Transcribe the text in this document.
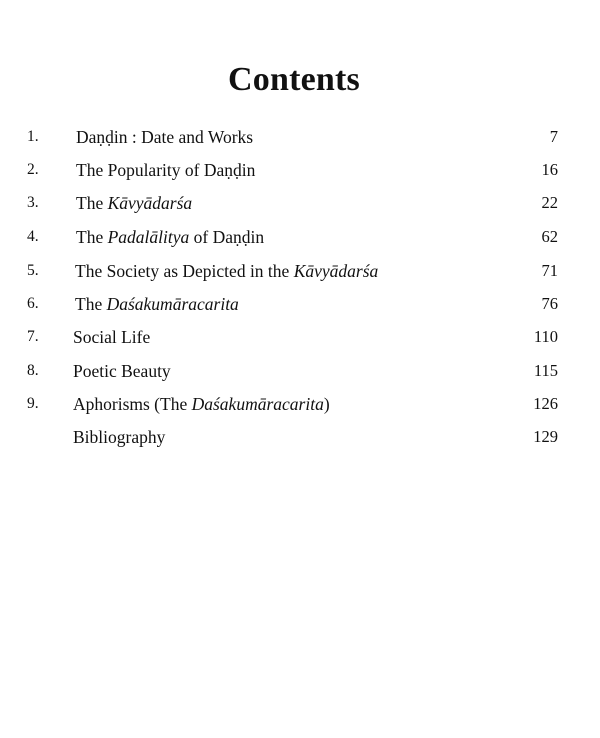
Contents
1. Daṇḍin : Date and Works	7
2. The Popularity of Daṇḍin	16
3. The Kāvyādarśa	22
4. The Padalālitya of Daṇḍin	62
5. The Society as Depicted in the Kāvyādarśa	71
6. The Daśakumāracarita	76
7. Social Life	110
8. Poetic Beauty	115
9. Aphorisms (The Daśakumāracarita)	126
Bibliography	129
